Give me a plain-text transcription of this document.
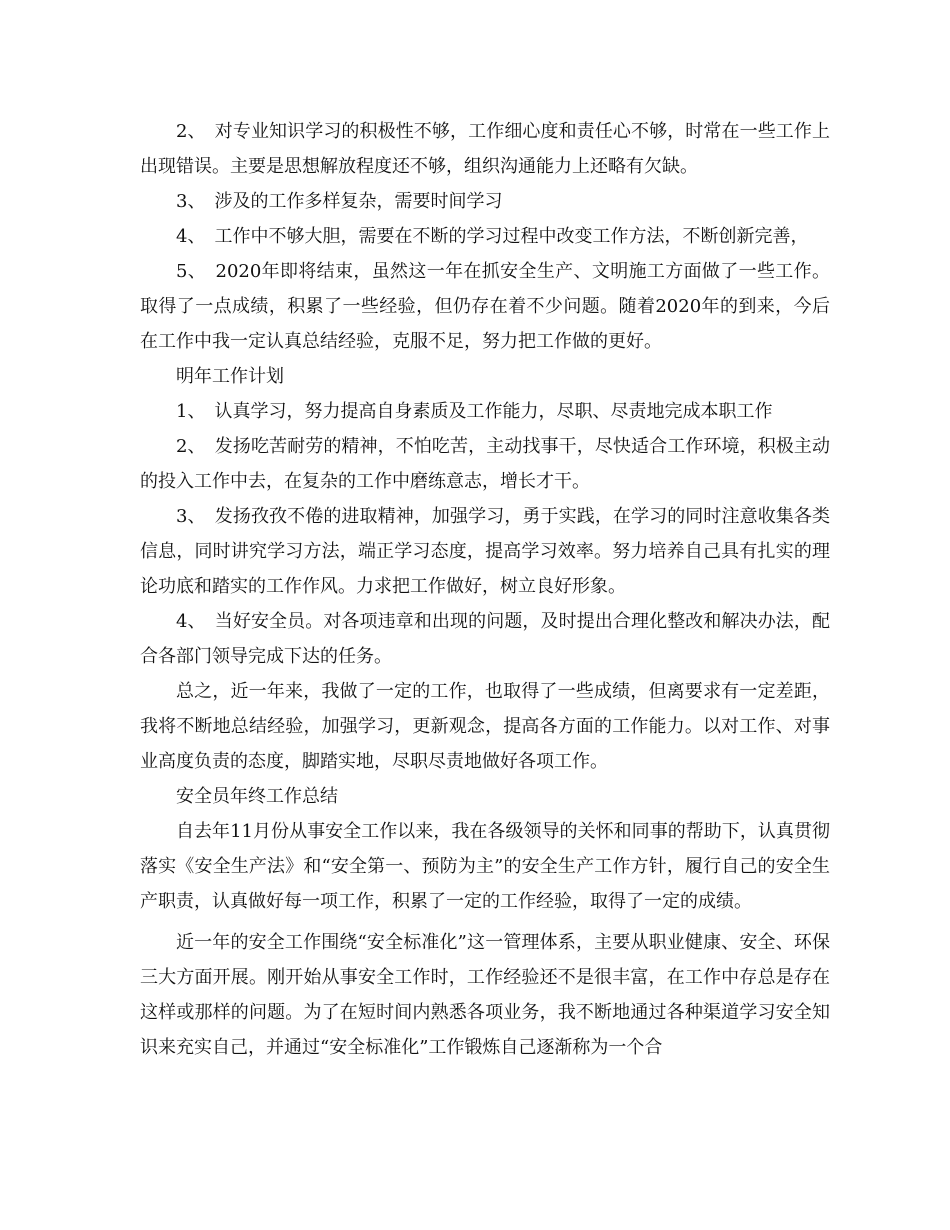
2、　对专业知识学习的积极性不够，工作细心度和责任心不够，时常在一些工作上出现错误。主要是思想解放程度还不够，组织沟通能力上还略有欠缺。

3、　涉及的工作多样复杂，需要时间学习

4、　工作中不够大胆，需要在不断的学习过程中改变工作方法，不断创新完善，

5、　2020年即将结束，虽然这一年在抓安全生产、文明施工方面做了一些工作。取得了一点成绩，积累了一些经验，但仍存在着不少问题。随着2020年的到来，今后在工作中我一定认真总结经验，克服不足，努力把工作做的更好。

明年工作计划

1、　认真学习，努力提高自身素质及工作能力，尽职、尽责地完成本职工作

2、　发扬吃苦耐劳的精神，不怕吃苦，主动找事干，尽快适合工作环境，积极主动的投入工作中去，在复杂的工作中磨练意志，增长才干。

3、　发扬孜孜不倦的进取精神，加强学习，勇于实践，在学习的同时注意收集各类信息，同时讲究学习方法，端正学习态度，提高学习效率。努力培养自己具有扎实的理论功底和踏实的工作作风。力求把工作做好，树立良好形象。

4、　当好安全员。对各项违章和出现的问题，及时提出合理化整改和解决办法，配合各部门领导完成下达的任务。

总之，近一年来，我做了一定的工作，也取得了一些成绩，但离要求有一定差距，我将不断地总结经验，加强学习，更新观念，提高各方面的工作能力。以对工作、对事业高度负责的态度，脚踏实地，尽职尽责地做好各项工作。

安全员年终工作总结

自去年11月份从事安全工作以来，我在各级领导的关怀和同事的帮助下，认真贯彻落实《安全生产法》和“安全第一、预防为主”的安全生产工作方针，履行自己的安全生产职责，认真做好每一项工作，积累了一定的工作经验，取得了一定的成绩。

近一年的安全工作围绕“安全标准化”这一管理体系，主要从职业健康、安全、环保三大方面开展。刚开始从事安全工作时，工作经验还不是很丰富，在工作中存总是存在这样或那样的问题。为了在短时间内熟悉各项业务，我不断地通过各种渠道学习安全知识来充实自己，并通过“安全标准化”工作锻炼自己逐渐称为一个合
